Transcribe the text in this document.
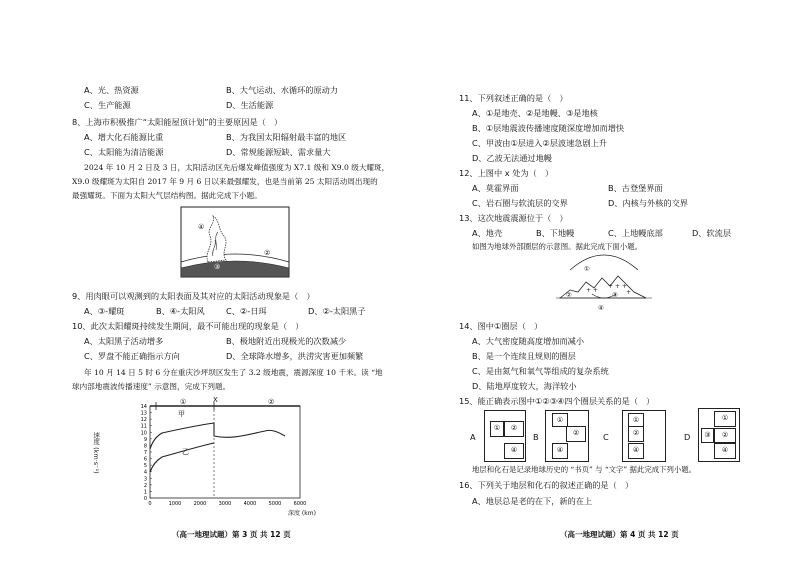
A、光、热资源	B、大气运动、水循环的原动力
C、生产能源	D、生活能源
8、上海市积极推广“太阳能屋顶计划”的主要原因是（　）
A、增大化石能源比重	B、为我国太阳辐射最丰富的地区
C、太阳能为清洁能源	D、常规能源短缺、需求量大
2024 年 10 月 2 日及 3 日，太阳活动区先后爆发峰值强度为 X7.1 级和 X9.0 级大耀斑，
X9.0 级耀斑为太阳自 2017 年 9 月 6 日以来最强耀发，也是当前第 25 太阳活动周出现的
最强耀斑。下面为太阳大气层结构图。据此完成下小题。
④
②
③
9、用肉眼可以观测到的太阳表面及其对应的太阳活动现象是（　）
A、③-耀斑	B、④-太阳风	C、②-日珥	D、②-太阳黑子
10、此次太阳耀斑持续发生期间，最不可能出现的现象是（　）
A、太阳黑子活动增多	B、极地附近出现极光的次数减少
C、罗盘不能正确指示方向	D、全球降水增多，洪涝灾害更加频繁
年 10 月 14 日 5 时 6 分在重庆沙坪坝区发生了 3.2 级地震，震源深度 10 千米。读 “地
球内部地震波传播速度” 示意图，完成下列题。
14
13
12
11
10
9
8
7
6
5
4
3
2
1
0
0	1000 2000 3000 4000 5000 6000
速度 (km·s⁻¹)
①	X	②
甲
乙
深度 (km)
（高一地理试题）第 3 页 共 12 页
11、下列叙述正确的是（　）
A、①是地壳、②是地幔、③是地核
B、①层地震波传播速度随深度增加而增快
C、甲波由①层进入②层波速急剧上升
D、乙波无法通过地幔
12、上图中 x 处为（　）
A、莫霍界面	B、古登堡界面
C、岩石圈与软流层的交界	D、内核与外核的交界
13、这次地震震源位于（　）
A、地壳	B、下地幔	C、上地幔底部	D、软流层
如图为地球外部圈层的示意图。据此完成下面小题。
+ +
+ + +
+
①
②	③
④
14、图中①圈层（　）
A、大气密度随高度增加而减小
B、是一个连续且规则的圈层
C、是由氮气和氧气等组成的复杂系统
D、陆地厚度较大，海洋较小
15、能正确表示图中①②③④四个圈层关系的是（　）
A
①	②
④
B
①
②
④
C
①
②
④
D
①
③	②
④
地层和化石是记录地球历史的 “书页” 与 “文字” 据此完成下列小题。
16、下列关于地层和化石的叙述正确的是（　）
A、地层总是老的在下，新的在上
（高一地理试题）第 4 页 共 12 页
